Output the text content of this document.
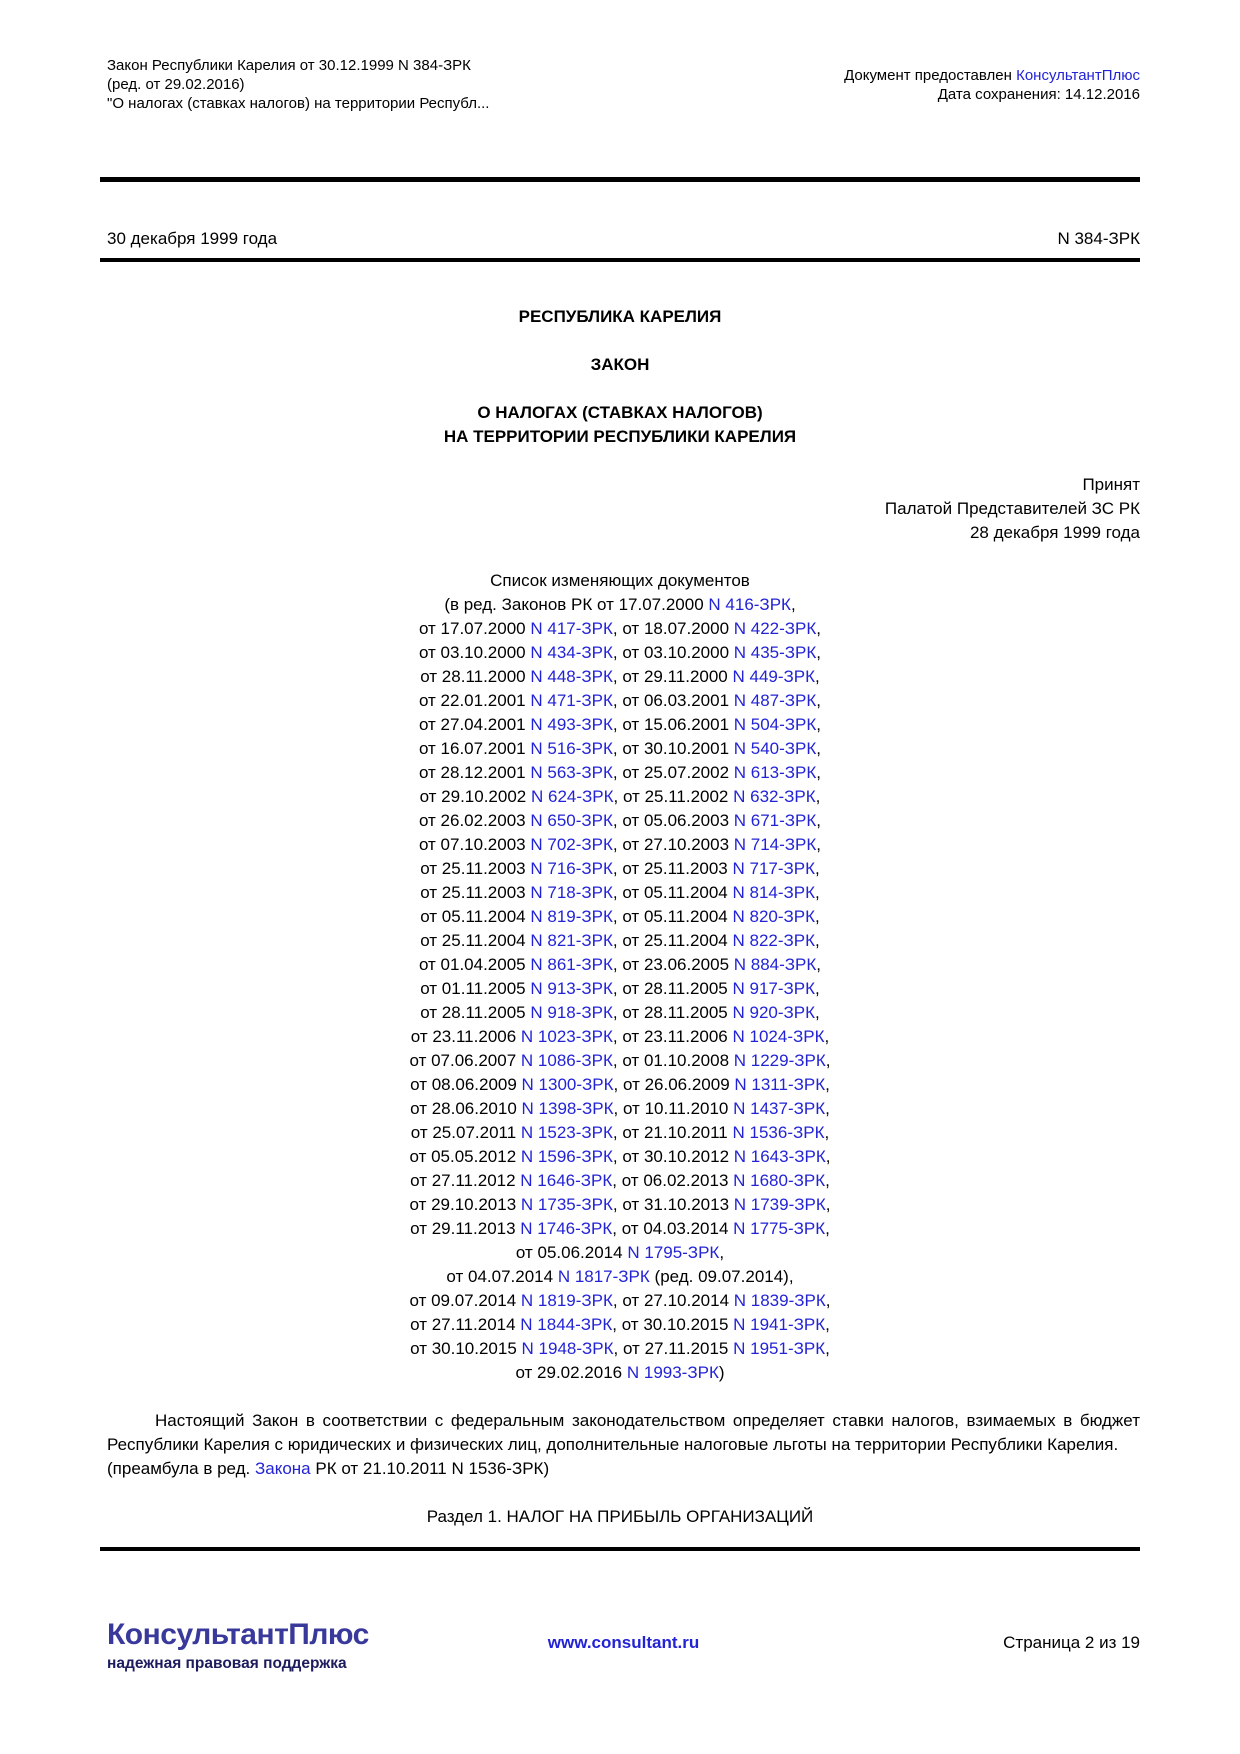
Закон Республики Карелия от 30.12.1999 N 384-ЗРК
(ред. от 29.02.2016)
"О налогах (ставках налогов) на территории Республ...
Документ предоставлен КонсультантПлюс
Дата сохранения: 14.12.2016
30 декабря 1999 года	N 384-ЗРК
РЕСПУБЛИКА КАРЕЛИЯ
ЗАКОН
О НАЛОГАХ (СТАВКАХ НАЛОГОВ)
НА ТЕРРИТОРИИ РЕСПУБЛИКИ КАРЕЛИЯ
Принят
Палатой Представителей ЗС РК
28 декабря 1999 года
Список изменяющих документов
(в ред. Законов РК от 17.07.2000 N 416-ЗРК,
от 17.07.2000 N 417-ЗРК, от 18.07.2000 N 422-ЗРК,
от 03.10.2000 N 434-ЗРК, от 03.10.2000 N 435-ЗРК,
от 28.11.2000 N 448-ЗРК, от 29.11.2000 N 449-ЗРК,
от 22.01.2001 N 471-ЗРК, от 06.03.2001 N 487-ЗРК,
от 27.04.2001 N 493-ЗРК, от 15.06.2001 N 504-ЗРК,
от 16.07.2001 N 516-ЗРК, от 30.10.2001 N 540-ЗРК,
от 28.12.2001 N 563-ЗРК, от 25.07.2002 N 613-ЗРК,
от 29.10.2002 N 624-ЗРК, от 25.11.2002 N 632-ЗРК,
от 26.02.2003 N 650-ЗРК, от 05.06.2003 N 671-ЗРК,
от 07.10.2003 N 702-ЗРК, от 27.10.2003 N 714-ЗРК,
от 25.11.2003 N 716-ЗРК, от 25.11.2003 N 717-ЗРК,
от 25.11.2003 N 718-ЗРК, от 05.11.2004 N 814-ЗРК,
от 05.11.2004 N 819-ЗРК, от 05.11.2004 N 820-ЗРК,
от 25.11.2004 N 821-ЗРК, от 25.11.2004 N 822-ЗРК,
от 01.04.2005 N 861-ЗРК, от 23.06.2005 N 884-ЗРК,
от 01.11.2005 N 913-ЗРК, от 28.11.2005 N 917-ЗРК,
от 28.11.2005 N 918-ЗРК, от 28.11.2005 N 920-ЗРК,
от 23.11.2006 N 1023-ЗРК, от 23.11.2006 N 1024-ЗРК,
от 07.06.2007 N 1086-ЗРК, от 01.10.2008 N 1229-ЗРК,
от 08.06.2009 N 1300-ЗРК, от 26.06.2009 N 1311-ЗРК,
от 28.06.2010 N 1398-ЗРК, от 10.11.2010 N 1437-ЗРК,
от 25.07.2011 N 1523-ЗРК, от 21.10.2011 N 1536-ЗРК,
от 05.05.2012 N 1596-ЗРК, от 30.10.2012 N 1643-ЗРК,
от 27.11.2012 N 1646-ЗРК, от 06.02.2013 N 1680-ЗРК,
от 29.10.2013 N 1735-ЗРК, от 31.10.2013 N 1739-ЗРК,
от 29.11.2013 N 1746-ЗРК, от 04.03.2014 N 1775-ЗРК,
от 05.06.2014 N 1795-ЗРК,
от 04.07.2014 N 1817-ЗРК (ред. 09.07.2014),
от 09.07.2014 N 1819-ЗРК, от 27.10.2014 N 1839-ЗРК,
от 27.11.2014 N 1844-ЗРК, от 30.10.2015 N 1941-ЗРК,
от 30.10.2015 N 1948-ЗРК, от 27.11.2015 N 1951-ЗРК,
от 29.02.2016 N 1993-ЗРК)

Настоящий Закон в соответствии с федеральным законодательством определяет ставки налогов, взимаемых в бюджет Республики Карелия с юридических и физических лиц, дополнительные налоговые льготы на территории Республики Карелия.

(преамбула в ред. Закона РК от 21.10.2011 N 1536-ЗРК)
Раздел 1. НАЛОГ НА ПРИБЫЛЬ ОРГАНИЗАЦИЙ
КонсультантПлюс
надежная правовая поддержка
www.consultant.ru	Страница 2 из 19
